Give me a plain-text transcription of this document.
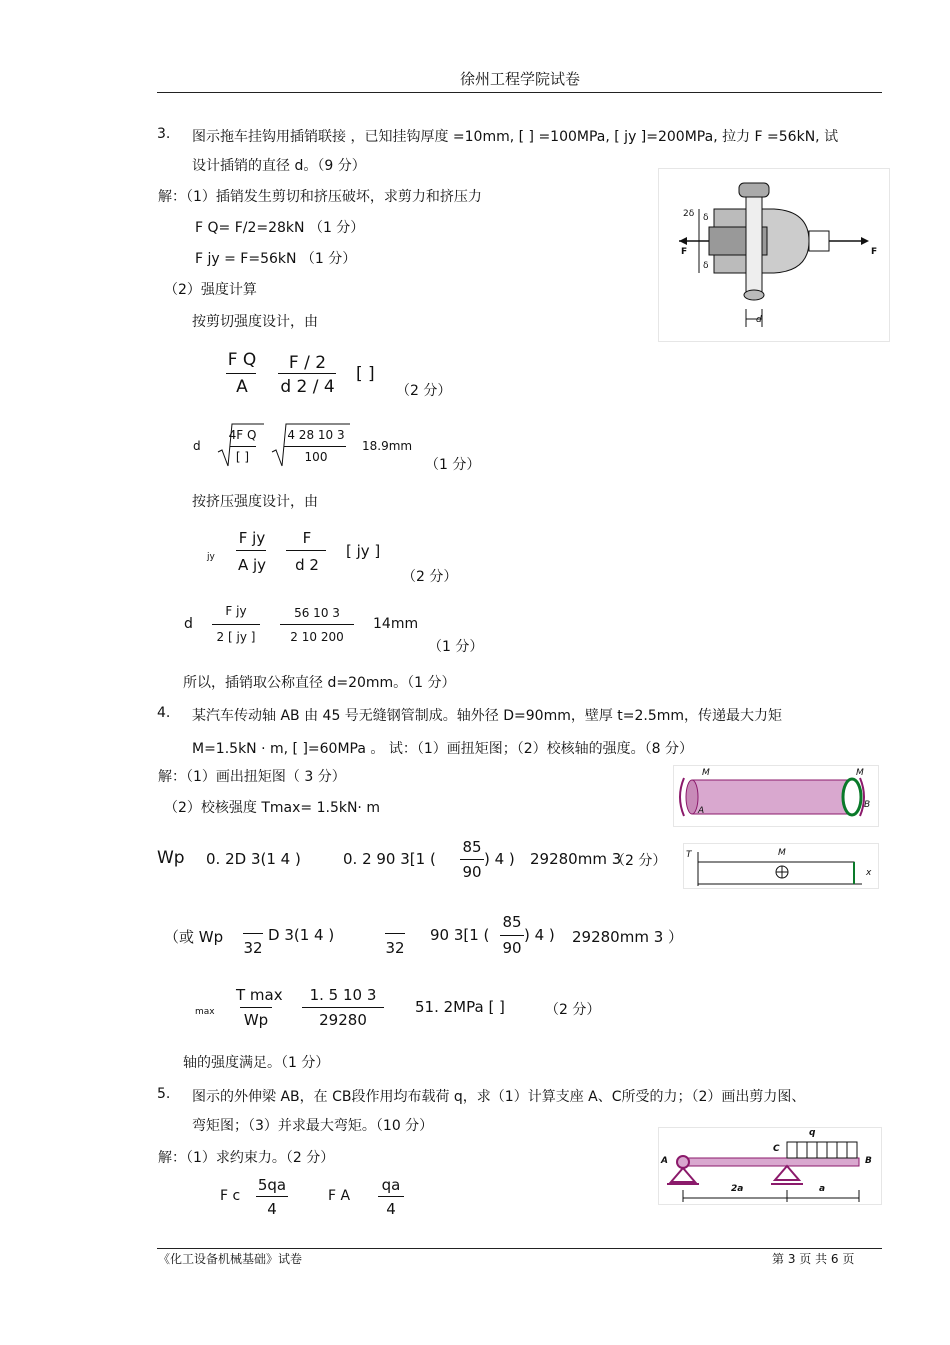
徐州工程学院试卷
3. 图示拖车挂钩用插销联接 ，已知挂钩厚度 =10mm, [ ] =100MPa, [ jy ]=200MPa, 拉力 F =56kN, 试
设计插销的直径 d。（9 分）
解：（1）插销发生剪切和挤压破坏，求剪力和挤压力
F Q= F/2=28kN （1 分）
F jy = F=56kN （1 分）
（2）强度计算
按剪切强度设计，由
F Q
A
F / 2
d 2 / 4
[ ]
（2 分）
d
4F Q
[ ]
4 28 10 3
100
18.9mm
（1 分）
按挤压强度设计，由
jy
F jy
A jy
F
d 2
[ jy ]
（2 分）
d
F jy
2 [ jy ]
56 10 3
2 10 200
14mm
（1 分）
所以，插销取公称直径 d=20mm。（1 分）
F	F
δ
δ
2δ
d
4. 某汽车传动轴 AB 由 45 号无缝钢管制成。轴外径 D=90mm，壁厚 t=2.5mm，传递最大力矩
M=1.5kN · m, [ ]=60MPa 。 试：（1）画扭矩图；（2）校核轴的强度。（8 分）
解：（1）画出扭矩图（ 3 分）
（2）校核强度 Tmax= 1.5kN· m
Wp 0. 2D 3(1 4 )	0. 2 90 3[1 (
85
90
) 4 ) 29280mm 3
（2 分）
（或 Wp
32
D 3(1 4 )
32
90 3[1 (
85
90
) 4 ) 29280mm 3 ）
max
T max
Wp
1. 5 10 3
29280
51. 2MPa [ ]	（2 分）
轴的强度满足。（1 分）
M	M
A
B
T	M
x
5. 图示的外伸梁 AB，在 CB段作用均布载荷 q，求（1）计算支座 A、C所受的力；（2）画出剪力图、
弯矩图；（3）并求最大弯矩。（10 分）
解：（1）求约束力。（2 分）
F c
5qa
4
F A
qa
4
q
A	B
C
2a	a
《化工设备机械基础》试卷	第 3 页 共 6 页
